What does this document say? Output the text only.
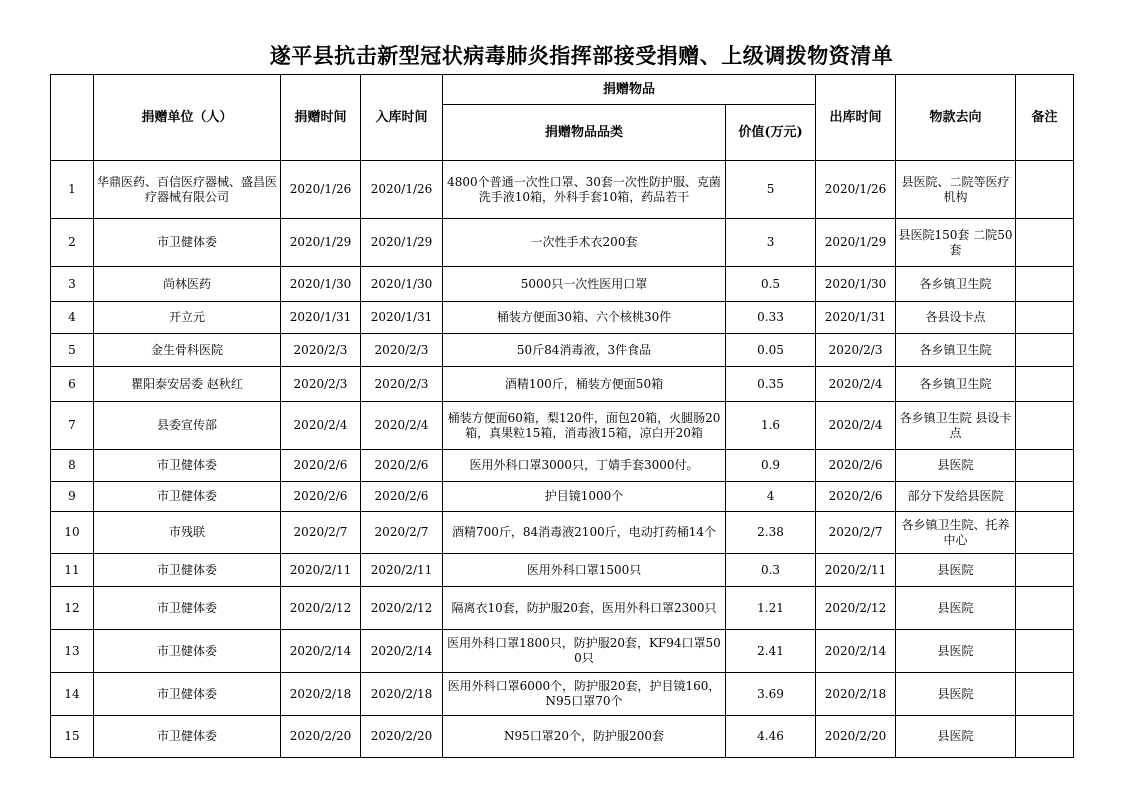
遂平县抗击新型冠状病毒肺炎指挥部接受捐赠、上级调拨物资清单
	捐赠单位（人）	捐赠时间	入库时间	捐赠物品		出库时间	物款去向	备注
				捐赠物品品类	价值(万元)			
1	华鼎医药、百信医疗器械、盛昌医疗器械有限公司	2020/1/26	2020/1/26	4800个普通一次性口罩、30套一次性防护服、克菌洗手液10箱，外科手套10箱，药品若干	5	2020/1/26	县医院、二院等医疗机构	
2	市卫健体委	2020/1/29	2020/1/29	一次性手术衣200套	3	2020/1/29	县医院150套 二院50套	
3	尚林医药	2020/1/30	2020/1/30	5000只一次性医用口罩	0.5	2020/1/30	各乡镇卫生院	
4	开立元	2020/1/31	2020/1/31	桶装方便面30箱、六个核桃30件	0.33	2020/1/31	各县设卡点	
5	金生骨科医院	2020/2/3	2020/2/3	50斤84消毒液，3件食品	0.05	2020/2/3	各乡镇卫生院	
6	瞿阳泰安居委 赵秋红	2020/2/3	2020/2/3	酒精100斤，桶装方便面50箱	0.35	2020/2/4	各乡镇卫生院	
7	县委宣传部	2020/2/4	2020/2/4	桶装方便面60箱，梨120件，面包20箱，火腿肠20箱，真果粒15箱，消毒液15箱，凉白开20箱	1.6	2020/2/4	各乡镇卫生院 县设卡点	
8	市卫健体委	2020/2/6	2020/2/6	医用外科口罩3000只，丁婧手套3000付。	0.9	2020/2/6	县医院	
9	市卫健体委	2020/2/6	2020/2/6	护目镜1000个	4	2020/2/6	部分下发给县医院	
10	市残联	2020/2/7	2020/2/7	酒精700斤，84消毒液2100斤，电动打药桶14个	2.38	2020/2/7	各乡镇卫生院、托养中心	
11	市卫健体委	2020/2/11	2020/2/11	医用外科口罩1500只	0.3	2020/2/11	县医院	
12	市卫健体委	2020/2/12	2020/2/12	隔离衣10套，防护服20套，医用外科口罩2300只	1.21	2020/2/12	县医院	
13	市卫健体委	2020/2/14	2020/2/14	医用外科口罩1800只，防护服20套，KF94口罩500只	2.41	2020/2/14	县医院	
14	市卫健体委	2020/2/18	2020/2/18	医用外科口罩6000个，防护服20套，护目镜160，N95口罩70个	3.69	2020/2/18	县医院	
15	市卫健体委	2020/2/20	2020/2/20	N95口罩20个，防护服200套	4.46	2020/2/20	县医院	
